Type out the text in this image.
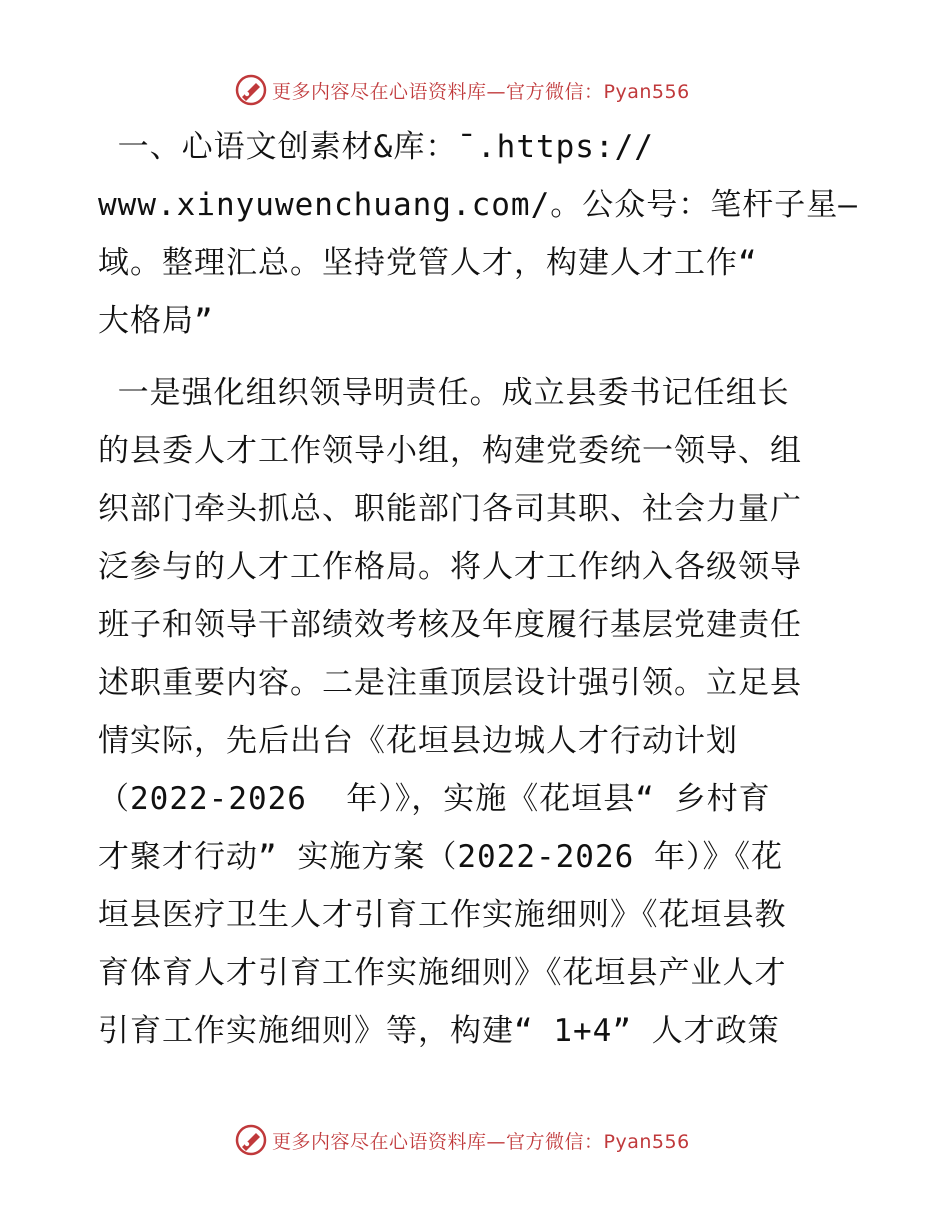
更多内容尽在心语资料库—官方微信：Pyan556
一、心语文创素材&库：¯.https://
www.xinyuwenchuang.com/。公众号：笔杆子星—
域。整理汇总。坚持党管人才，构建人才工作“
大格局”
一是强化组织领导明责任。成立县委书记任组长
的县委人才工作领导小组，构建党委统一领导、组
织部门牵头抓总、职能部门各司其职、社会力量广
泛参与的人才工作格局。将人才工作纳入各级领导
班子和领导干部绩效考核及年度履行基层党建责任
述职重要内容。二是注重顶层设计强引领。立足县
情实际，先后出台《花垣县边城人才行动计划
（2022-2026  年）》，实施《花垣县“ 乡村育
才聚才行动” 实施方案（2022-2026 年）》《花
垣县医疗卫生人才引育工作实施细则》《花垣县教
育体育人才引育工作实施细则》《花垣县产业人才
引育工作实施细则》等，构建“ 1+4” 人才政策
更多内容尽在心语资料库—官方微信：Pyan556
